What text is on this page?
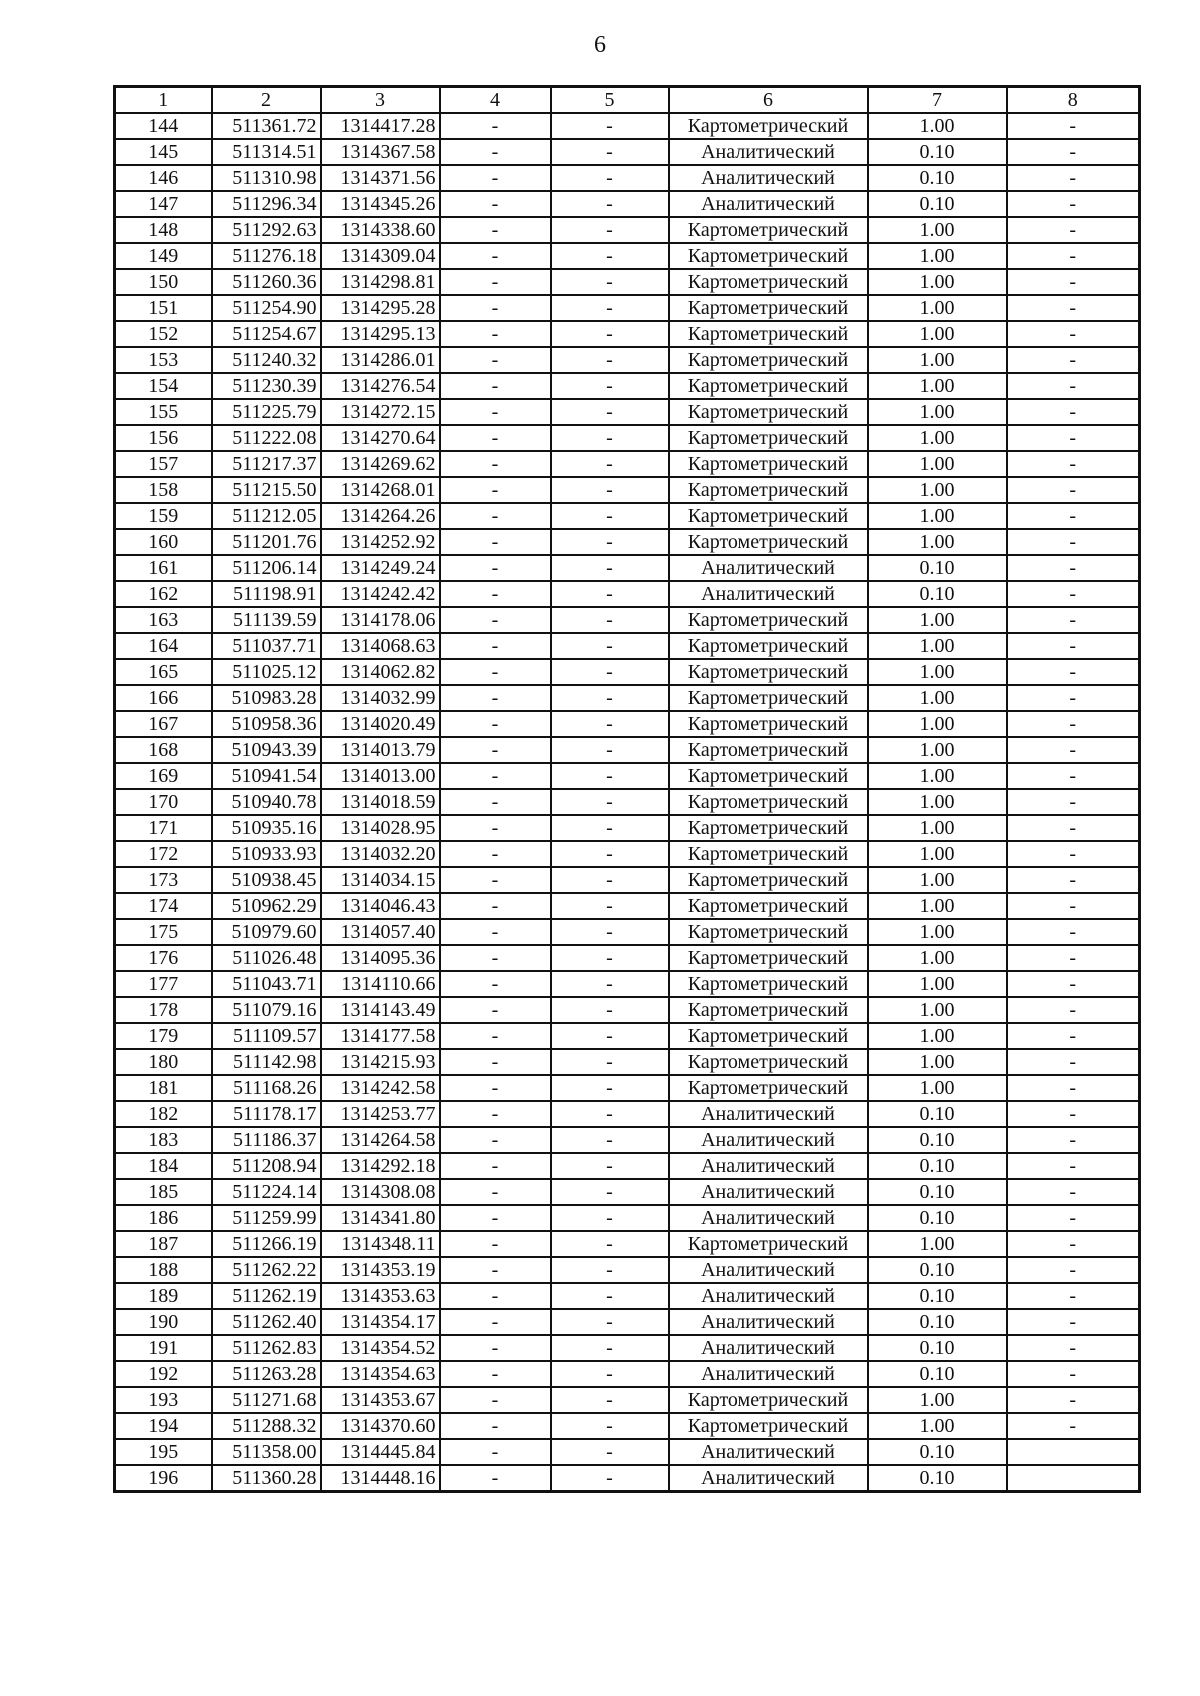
6
1	2	3	4	5	6	7	8
144	511361.72	1314417.28	-	-	Картометрический	1.00	-
145	511314.51	1314367.58	-	-	Аналитический	0.10	-
146	511310.98	1314371.56	-	-	Аналитический	0.10	-
147	511296.34	1314345.26	-	-	Аналитический	0.10	-
148	511292.63	1314338.60	-	-	Картометрический	1.00	-
149	511276.18	1314309.04	-	-	Картометрический	1.00	-
150	511260.36	1314298.81	-	-	Картометрический	1.00	-
151	511254.90	1314295.28	-	-	Картометрический	1.00	-
152	511254.67	1314295.13	-	-	Картометрический	1.00	-
153	511240.32	1314286.01	-	-	Картометрический	1.00	-
154	511230.39	1314276.54	-	-	Картометрический	1.00	-
155	511225.79	1314272.15	-	-	Картометрический	1.00	-
156	511222.08	1314270.64	-	-	Картометрический	1.00	-
157	511217.37	1314269.62	-	-	Картометрический	1.00	-
158	511215.50	1314268.01	-	-	Картометрический	1.00	-
159	511212.05	1314264.26	-	-	Картометрический	1.00	-
160	511201.76	1314252.92	-	-	Картометрический	1.00	-
161	511206.14	1314249.24	-	-	Аналитический	0.10	-
162	511198.91	1314242.42	-	-	Аналитический	0.10	-
163	511139.59	1314178.06	-	-	Картометрический	1.00	-
164	511037.71	1314068.63	-	-	Картометрический	1.00	-
165	511025.12	1314062.82	-	-	Картометрический	1.00	-
166	510983.28	1314032.99	-	-	Картометрический	1.00	-
167	510958.36	1314020.49	-	-	Картометрический	1.00	-
168	510943.39	1314013.79	-	-	Картометрический	1.00	-
169	510941.54	1314013.00	-	-	Картометрический	1.00	-
170	510940.78	1314018.59	-	-	Картометрический	1.00	-
171	510935.16	1314028.95	-	-	Картометрический	1.00	-
172	510933.93	1314032.20	-	-	Картометрический	1.00	-
173	510938.45	1314034.15	-	-	Картометрический	1.00	-
174	510962.29	1314046.43	-	-	Картометрический	1.00	-
175	510979.60	1314057.40	-	-	Картометрический	1.00	-
176	511026.48	1314095.36	-	-	Картометрический	1.00	-
177	511043.71	1314110.66	-	-	Картометрический	1.00	-
178	511079.16	1314143.49	-	-	Картометрический	1.00	-
179	511109.57	1314177.58	-	-	Картометрический	1.00	-
180	511142.98	1314215.93	-	-	Картометрический	1.00	-
181	511168.26	1314242.58	-	-	Картометрический	1.00	-
182	511178.17	1314253.77	-	-	Аналитический	0.10	-
183	511186.37	1314264.58	-	-	Аналитический	0.10	-
184	511208.94	1314292.18	-	-	Аналитический	0.10	-
185	511224.14	1314308.08	-	-	Аналитический	0.10	-
186	511259.99	1314341.80	-	-	Аналитический	0.10	-
187	511266.19	1314348.11	-	-	Картометрический	1.00	-
188	511262.22	1314353.19	-	-	Аналитический	0.10	-
189	511262.19	1314353.63	-	-	Аналитический	0.10	-
190	511262.40	1314354.17	-	-	Аналитический	0.10	-
191	511262.83	1314354.52	-	-	Аналитический	0.10	-
192	511263.28	1314354.63	-	-	Аналитический	0.10	-
193	511271.68	1314353.67	-	-	Картометрический	1.00	-
194	511288.32	1314370.60	-	-	Картометрический	1.00	-
195	511358.00	1314445.84	-	-	Аналитический	0.10	
196	511360.28	1314448.16	-	-	Аналитический	0.10	
